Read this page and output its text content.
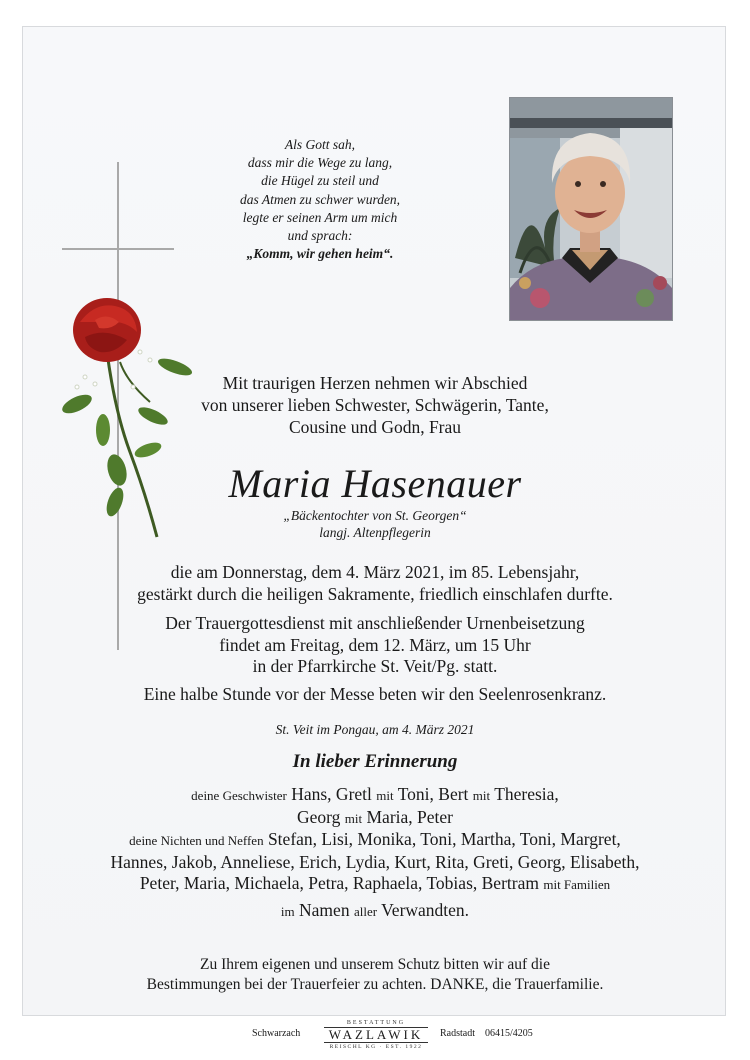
Als Gott sah,
dass mir die Wege zu lang,
die Hügel zu steil und
das Atmen zu schwer wurden,
legte er seinen Arm um mich
und sprach:
„Komm, wir gehen heim“.
Mit traurigen Herzen nehmen wir Abschied
von unserer lieben Schwester, Schwägerin, Tante,
Cousine und Godn, Frau
Maria Hasenauer
„Bäckentochter von St. Georgen“
langj. Altenpflegerin
die am Donnerstag, dem 4. März 2021, im 85. Lebensjahr,
gestärkt durch die heiligen Sakramente, friedlich einschlafen durfte.
Der Trauergottesdienst mit anschließender Urnenbeisetzung
findet am Freitag, dem 12. März, um 15 Uhr
in der Pfarrkirche St. Veit/Pg. statt.
Eine halbe Stunde vor der Messe beten wir den Seelenrosenkranz.
St. Veit im Pongau, am 4. März 2021
In lieber Erinnerung
deine Geschwister Hans, Gretl mit Toni, Bert mit Theresia,
Georg mit Maria, Peter
deine Nichten und Neffen Stefan, Lisi, Monika, Toni, Martha, Toni, Margret,
Hannes, Jakob, Anneliese, Erich, Lydia, Kurt, Rita, Greti, Georg, Elisabeth,
Peter, Maria, Michaela, Petra, Raphaela, Tobias, Bertram mit Familien
im Namen aller Verwandten.
Zu Ihrem eigenen und unserem Schutz bitten wir auf die
Bestimmungen bei der Trauerfeier zu achten. DANKE, die Trauerfamilie.
Schwarzach
BESTATTUNG
WAZLAWIK
REISCHL KG · EST. 1922
Radstadt 06415/4205
